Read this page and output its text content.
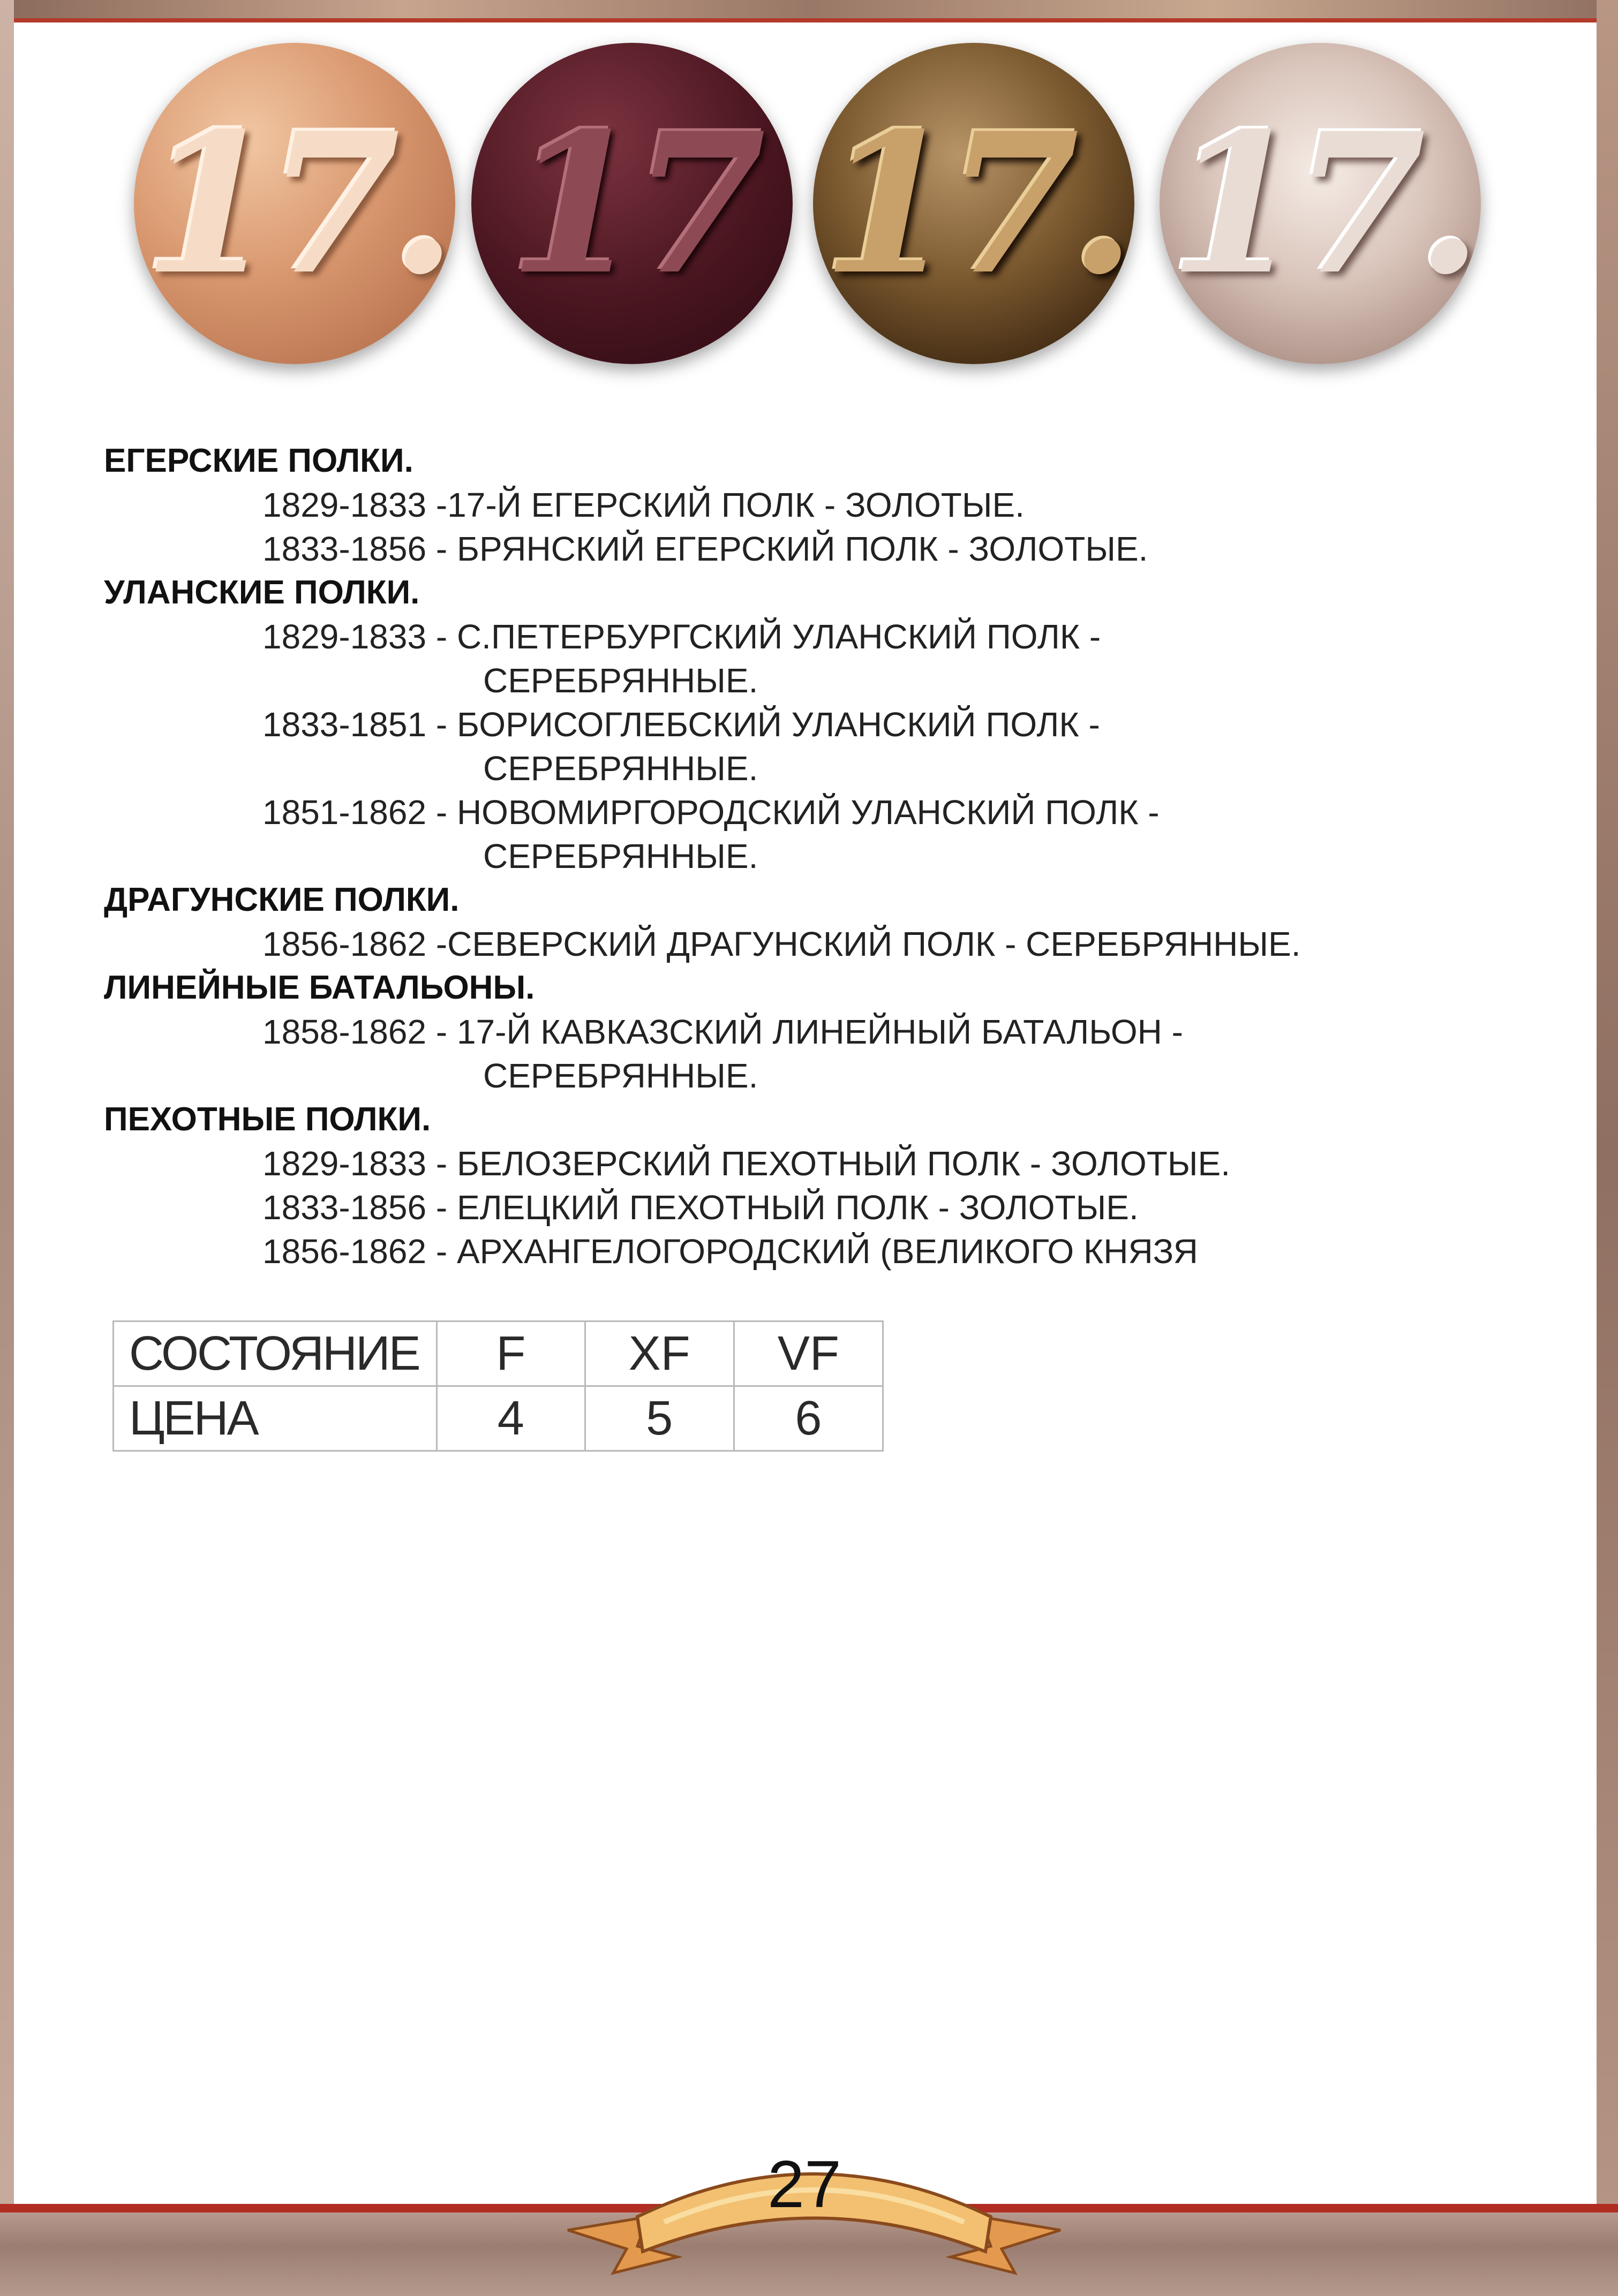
17. 17 17. 17.
ЕГЕРСКИЕ ПОЛКИ.
1829-1833 -17-Й ЕГЕРСКИЙ ПОЛК - ЗОЛОТЫЕ.
1833-1856 - БРЯНСКИЙ ЕГЕРСКИЙ ПОЛК - ЗОЛОТЫЕ.
УЛАНСКИЕ ПОЛКИ.
1829-1833 - С.ПЕТЕРБУРГСКИЙ УЛАНСКИЙ ПОЛК -
СЕРЕБРЯННЫЕ.
1833-1851 - БОРИСОГЛЕБСКИЙ УЛАНСКИЙ ПОЛК -
СЕРЕБРЯННЫЕ.
1851-1862 - НОВОМИРГОРОДСКИЙ УЛАНСКИЙ ПОЛК -
СЕРЕБРЯННЫЕ.
ДРАГУНСКИЕ ПОЛКИ.
1856-1862 -СЕВЕРСКИЙ ДРАГУНСКИЙ ПОЛК - СЕРЕБРЯННЫЕ.
ЛИНЕЙНЫЕ БАТАЛЬОНЫ.
1858-1862 - 17-Й КАВКАЗСКИЙ ЛИНЕЙНЫЙ БАТАЛЬОН -
СЕРЕБРЯННЫЕ.
ПЕХОТНЫЕ ПОЛКИ.
1829-1833 - БЕЛОЗЕРСКИЙ ПЕХОТНЫЙ ПОЛК - ЗОЛОТЫЕ.
1833-1856 - ЕЛЕЦКИЙ ПЕХОТНЫЙ ПОЛК - ЗОЛОТЫЕ.
1856-1862 - АРХАНГЕЛОГОРОДСКИЙ (ВЕЛИКОГО КНЯЗЯ
СОСТОЯНИЕ	F	XF	VF
ЦЕНА	4	5	6
27
